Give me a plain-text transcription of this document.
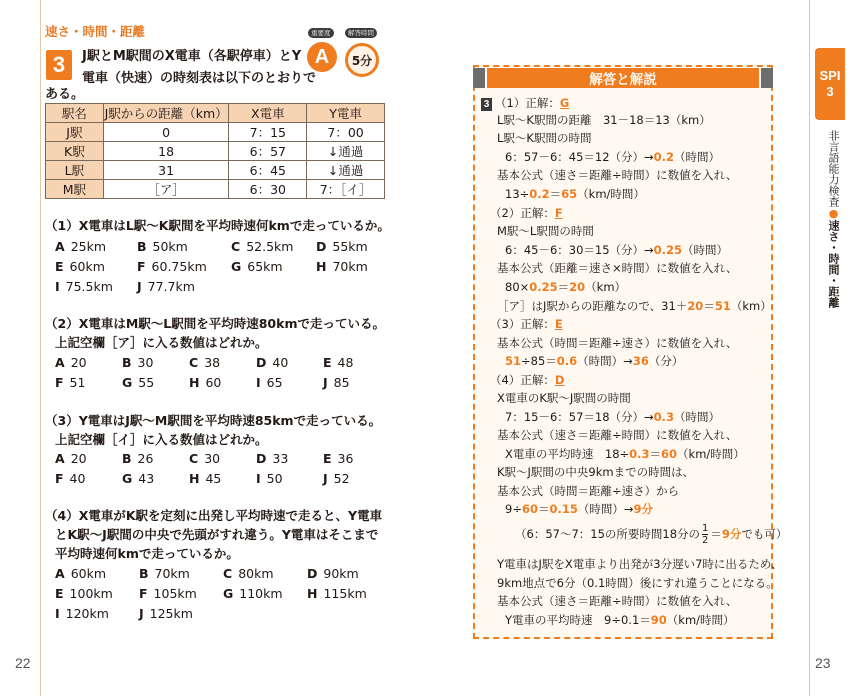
速さ・時間・距離
3	J駅とM駅間のX電車（各駅停車）とY
電車（快速）の時刻表は以下のとおりで
ある。
重要度	解答時間
A	5分
駅名	J駅からの距離（km）	X電車	Y電車
J駅	0	7：15	7：00
K駅	18	6：57	↓通過
L駅	31	6：45	↓通過
M駅	［ア］	6：30	7：［イ］
（1）X電車はL駅～K駅間を平均時速何kmで走っているか。
A 25km B 50km	C 52.5km D 55km
E 60km	F 60.75km G 65km	H 70km
I 75.5km J 77.7km
（2）X電車はM駅～L駅間を平均時速80kmで走っている。
上記空欄［ア］に入る数値はどれか。
A 20	B 30	C 38	D 40	E 48
F 51	G 55	H 60	I 65	J 85
（3）Y電車はJ駅～M駅間を平均時速85kmで走っている。
上記空欄［イ］に入る数値はどれか。
A 20	B 26	C 30	D 33	E 36
F 40	G 43	H 45	I 50	J 52
（4）X電車がK駅を定刻に出発し平均時速で走ると、Y電車
とK駅～J駅間の中央で先頭がすれ違う。Y電車はそこまで
平均時速何kmで走っているか。
A 60km	B 70km	C 80km	D 90km
E 100km F 105km G 110km H 115km
I 120km J 125km
22
解答と解説
3 （1）正解：G
L駅～K駅間の距離　31－18＝13（km）
L駅～K駅間の時間
6：57－6：45＝12（分）→0.2（時間）
基本公式（速さ＝距離÷時間）に数値を入れ、
13÷0.2＝65（km/時間）
（2）正解：F
M駅～L駅間の時間
6：45－6：30＝15（分）→0.25（時間）
基本公式（距離＝速さ×時間）に数値を入れ、
80×0.25＝20（km）
［ア］はJ駅からの距離なので、31＋20＝51（km）
（3）正解：E
基本公式（時間＝距離÷速さ）に数値を入れ、
51÷85＝0.6（時間）→36（分）
（4）正解：D
X電車のK駅～J駅間の時間
7：15－6：57＝18（分）→0.3（時間）
基本公式（速さ＝距離÷時間）に数値を入れ、
X電車の平均時速　18÷0.3＝60（km/時間）
K駅～J駅間の中央9kmまでの時間は、
基本公式（時間＝距離÷速さ）から
9÷60＝0.15（時間）→9分
（6：57～7：15の所要時間18分の $\frac{1}{2} =9$分でも可）
Y電車はJ駅をX電車より出発が3分遅い7時に出るため、
9km地点で6分（0.1時間）後にすれ違うことになる。
基本公式（速さ＝距離÷時間）に数値を入れ、
Y電車の平均時速　9÷0.1＝90（km/時間）
SPI
3
非言語能力検査●速さ・時間・距離
23
